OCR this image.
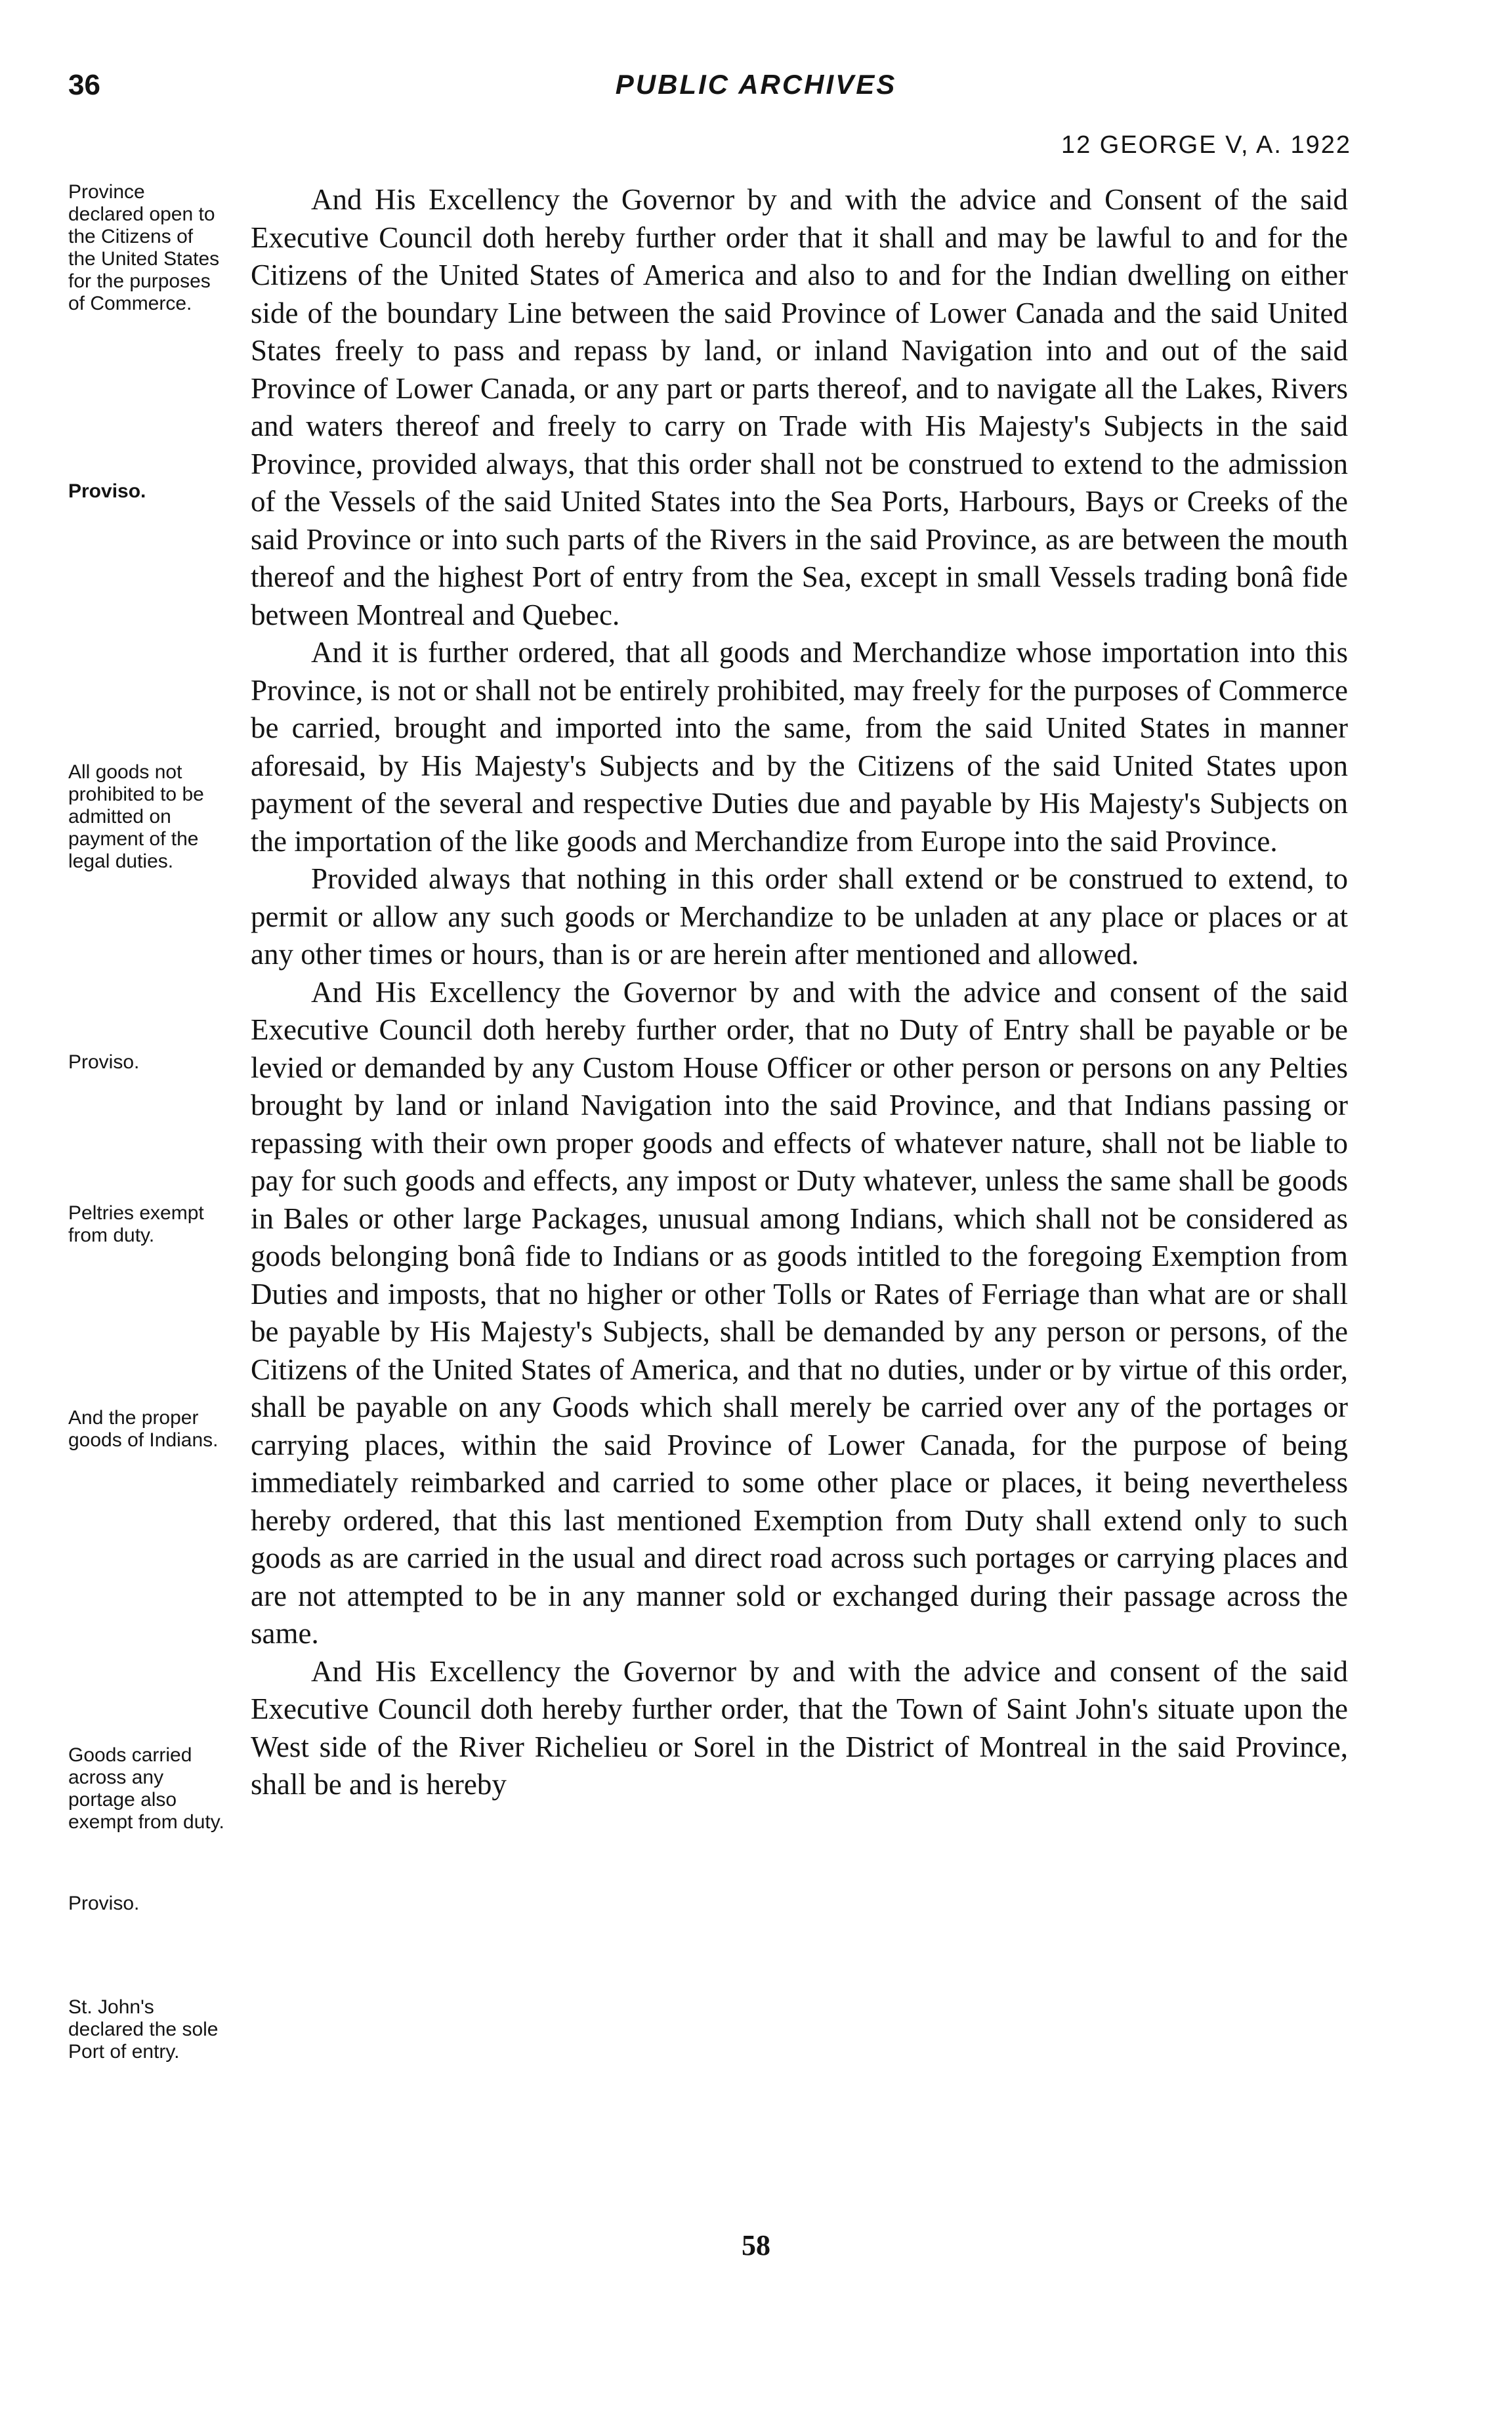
36	PUBLIC ARCHIVES
12 GEORGE V, A. 1922

Province declared open to the Citizens of the United States for the purposes of Commerce.

Proviso.

All goods not prohibited to be admitted on payment of the legal duties.

Proviso.

Peltries exempt from duty.

And the proper goods of Indians.

Goods carried across any portage also exempt from duty.

Proviso.

St. John's declared the sole Port of entry.

And His Excellency the Governor by and with the advice and Consent of the said Executive Council doth hereby further order that it shall and may be lawful to and for the Citizens of the United States of America and also to and for the Indian dwelling on either side of the boundary Line between the said Province of Lower Canada and the said United States freely to pass and repass by land, or inland Navigation into and out of the said Province of Lower Canada, or any part or parts thereof, and to navigate all the Lakes, Rivers and waters thereof and freely to carry on Trade with His Majesty's Subjects in the said Province, provided always, that this order shall not be construed to extend to the admission of the Vessels of the said United States into the Sea Ports, Harbours, Bays or Creeks of the said Province or into such parts of the Rivers in the said Province, as are between the mouth thereof and the highest Port of entry from the Sea, except in small Vessels trading bonâ fide between Montreal and Quebec.

And it is further ordered, that all goods and Merchandize whose importation into this Province, is not or shall not be entirely prohibited, may freely for the purposes of Commerce be carried, brought and imported into the same, from the said United States in manner aforesaid, by His Majesty's Subjects and by the Citizens of the said United States upon payment of the several and respective Duties due and payable by His Majesty's Subjects on the importation of the like goods and Merchandize from Europe into the said Province.

Provided always that nothing in this order shall extend or be construed to extend, to permit or allow any such goods or Merchandize to be unladen at any place or places or at any other times or hours, than is or are herein after mentioned and allowed.

And His Excellency the Governor by and with the advice and consent of the said Executive Council doth hereby further order, that no Duty of Entry shall be payable or be levied or demanded by any Custom House Officer or other person or persons on any Pelties brought by land or inland Navigation into the said Province, and that Indians passing or repassing with their own proper goods and effects of whatever nature, shall not be liable to pay for such goods and effects, any impost or Duty whatever, unless the same shall be goods in Bales or other large Packages, unusual among Indians, which shall not be considered as goods belonging bonâ fide to Indians or as goods intitled to the foregoing Exemption from Duties and imposts, that no higher or other Tolls or Rates of Ferriage than what are or shall be payable by His Majesty's Subjects, shall be demanded by any person or persons, of the Citizens of the United States of America, and that no duties, under or by virtue of this order, shall be payable on any Goods which shall merely be carried over any of the portages or carrying places, within the said Province of Lower Canada, for the purpose of being immediately reimbarked and carried to some other place or places, it being nevertheless hereby ordered, that this last mentioned Exemption from Duty shall extend only to such goods as are carried in the usual and direct road across such portages or carrying places and are not attempted to be in any manner sold or exchanged during their passage across the same.

And His Excellency the Governor by and with the advice and consent of the said Executive Council doth hereby further order, that the Town of Saint John's situate upon the West side of the River Richelieu or Sorel in the District of Montreal in the said Province, shall be and is hereby

58
